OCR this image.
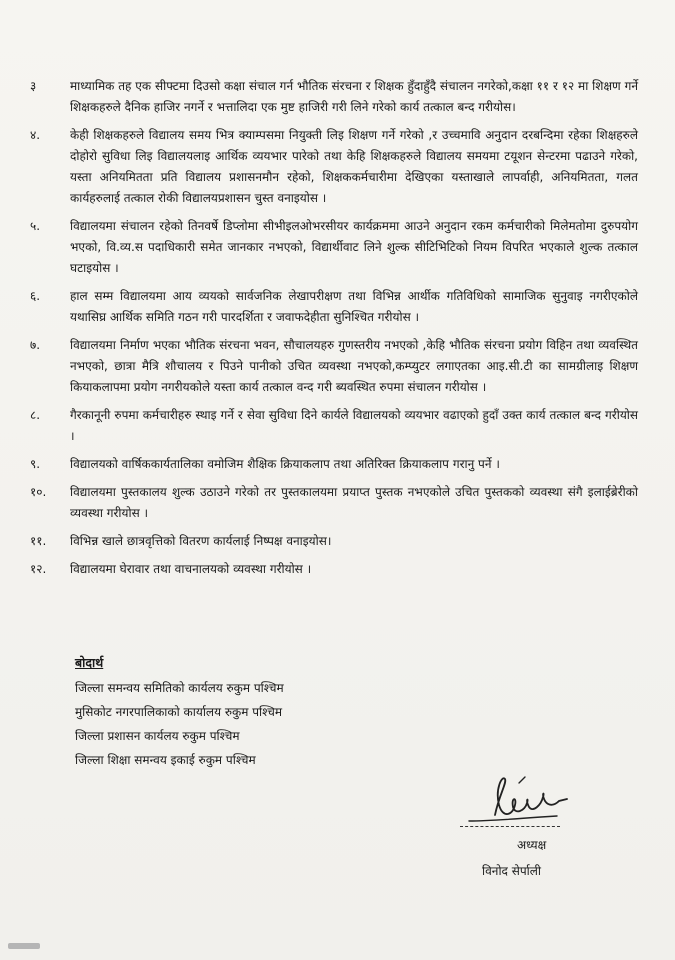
३	माध्यामिक तह एक सीफ्टमा दिउसो कक्षा संचाल गर्न भौतिक संरचना र शिक्षक हुँदाहुँदै संचालन नगरेको,कक्षा ११ र १२ मा शिक्षण गर्ने शिक्षकहरुले दैनिक हाजिर नगर्ने र भत्तालिदा एक मुष्ट हाजिरी गरी लिने गरेको कार्य तत्काल बन्द गरीयोस।
४.	केही शिक्षकहरुले विद्यालय समय भित्र क्याम्पसमा नियुक्ती लिइ शिक्षण गर्ने गरेको ,र उच्चमावि अनुदान दरबन्दिमा रहेका शिक्षहरुले दोहोरो सुविधा लिइ विद्यालयलाइ आर्थिक व्ययभार पारेको तथा केहि शिक्षकहरुले विद्यालय समयमा टयूशन सेन्टरमा पढाउने गरेको, यस्ता अनियमितता प्रति विद्यालय प्रशासनमौन रहेको, शिक्षककर्मचारीमा देखिएका यस्ताखाले लापर्वाही, अनियमितता, गलत कार्यहरुलाई तत्काल रोकी विद्यालयप्रशासन चुस्त वनाइयोस ।
५.	विद्यालयमा संचालन रहेको तिनवर्षे डिप्लोमा सीभीइलओभरसीयर कार्यक्रममा आउने अनुदान रकम कर्मचारीको मिलेमतोमा दुरुपयोग भएको, वि.व्य.स पदाधिकारी समेत जानकार नभएको, विद्यार्थीवाट लिने शुल्क सीटिभिटिको नियम विपरित भएकाले शुल्क तत्काल घटाइयोस ।
६.	हाल सम्म विद्यालयमा आय व्ययको सार्वजनिक लेखापरीक्षण तथा विभिन्न आर्थीक गतिविधिको सामाजिक सुनुवाइ नगरीएकोले यथासिघ्र आर्थिक समिति गठन गरी पारदर्शिता र जवाफदेहीता सुनिश्चित गरीयोस ।
७.	विद्यालयमा निर्माण भएका भौतिक संरचना भवन, सौचालयहरु गुणस्तरीय नभएको ,केहि भौतिक संरचना प्रयोग विहिन तथा व्यवस्थित नभएको, छात्रा मैत्रि शौचालय र पिउने पानीको उचित व्यवस्था नभएको,कम्प्युटर लगाएतका आइ.सी.टी का सामग्रीलाइ शिक्षण कियाकलापमा प्रयोग नगरीयकोले यस्ता कार्य तत्काल वन्द गरी ब्यवस्थित रुपमा संचालन गरीयोस ।
८.	गैरकानूनी रुपमा कर्मचारीहरु स्थाइ गर्ने र सेवा सुविधा दिने कार्यले विद्यालयको व्ययभार वढाएको हुदाँ उक्त कार्य तत्काल बन्द गरीयोस ।
९.	विद्यालयको वार्षिककार्यतालिका वमोजिम शैक्षिक क्रियाकलाप तथा अतिरिक्त क्रियाकलाप गरानु पर्ने ।
१०.	विद्यालयमा पुस्तकालय शुल्क उठाउने गरेको तर पुस्तकालयमा प्रयाप्त पुस्तक नभएकोले उचित पुस्तकको व्यवस्था संगै इलाईब्रेरीको व्यवस्था गरीयोस ।
११.	विभिन्न खाले छात्रवृत्तिको वितरण कार्यलाई निष्पक्ष वनाइयोस।
१२.	विद्यालयमा घेरावार तथा वाचनालयको व्यवस्था गरीयोस ।
बोदार्थ
जिल्ला समन्वय समितिको कार्यलय रुकुम पश्चिम
मुसिकोट नगरपालिकाको कार्यालय रुकुम पश्चिम
जिल्ला प्रशासन कार्यलय रुकुम पश्चिम
जिल्ला शिक्षा समन्वय इकाई रुकुम पश्चिम
अध्यक्ष
विनोद सेर्पाली
